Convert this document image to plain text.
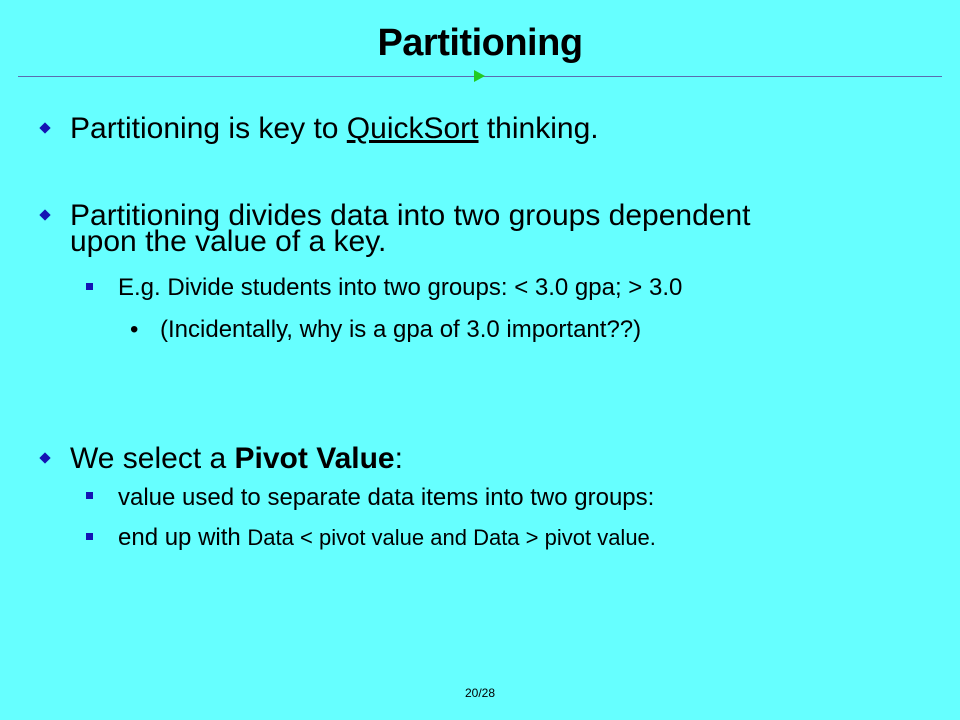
Partitioning
Partitioning is key to QuickSort thinking.
Partitioning divides data into two groups dependent
upon the value of a key.
E.g. Divide students into two groups: < 3.0 gpa; > 3.0
• (Incidentally, why is a gpa of 3.0 important??)
We select a Pivot Value:
value used to separate data items into two groups:
end up with Data < pivot value and Data > pivot value.
20/28
